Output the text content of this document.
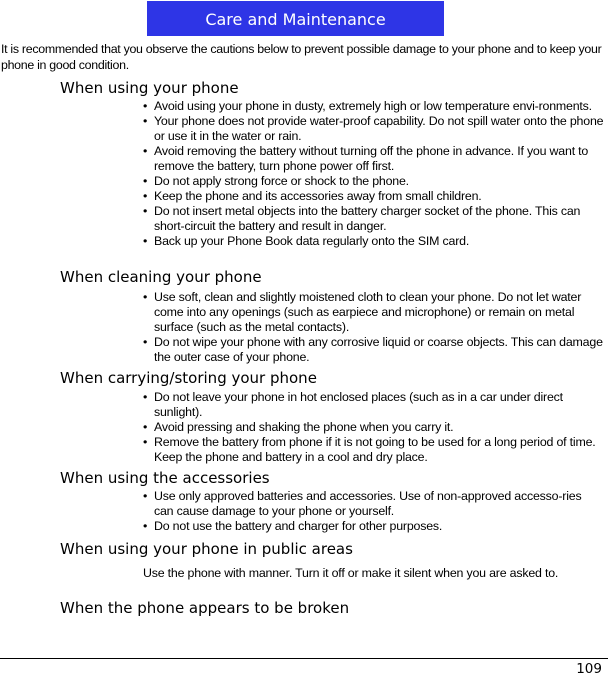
Care and Maintenance
It is recommended that you observe the cautions below to prevent possible damage to your phone and to keep your phone in good condition.
When using your phone
• Avoid using your phone in dusty, extremely high or low temperature envi-ronments.
• Your phone does not provide water-proof capability. Do not spill water onto the phone or use it in the water or rain.
• Avoid removing the battery without turning off the phone in advance. If you want to remove the battery, turn phone power off first.
• Do not apply strong force or shock to the phone.
• Keep the phone and its accessories away from small children.
• Do not insert metal objects into the battery charger socket of the phone. This can short-circuit the battery and result in danger.
• Back up your Phone Book data regularly onto the SIM card.
When cleaning your phone
• Use soft, clean and slightly moistened cloth to clean your phone. Do not let water come into any openings (such as earpiece and microphone) or remain on metal surface (such as the metal contacts).
• Do not wipe your phone with any corrosive liquid or coarse objects. This can damage the outer case of your phone.
When carrying/storing your phone
• Do not leave your phone in hot enclosed places (such as in a car under direct sunlight).
• Avoid pressing and shaking the phone when you carry it.
• Remove the battery from phone if it is not going to be used for a long period of time. Keep the phone and battery in a cool and dry place.
When using the accessories
• Use only approved batteries and accessories. Use of non-approved accesso-ries can cause damage to your phone or yourself.
• Do not use the battery and charger for other purposes.
When using your phone in public areas
Use the phone with manner. Turn it off or make it silent when you are asked to.
When the phone appears to be broken
109
